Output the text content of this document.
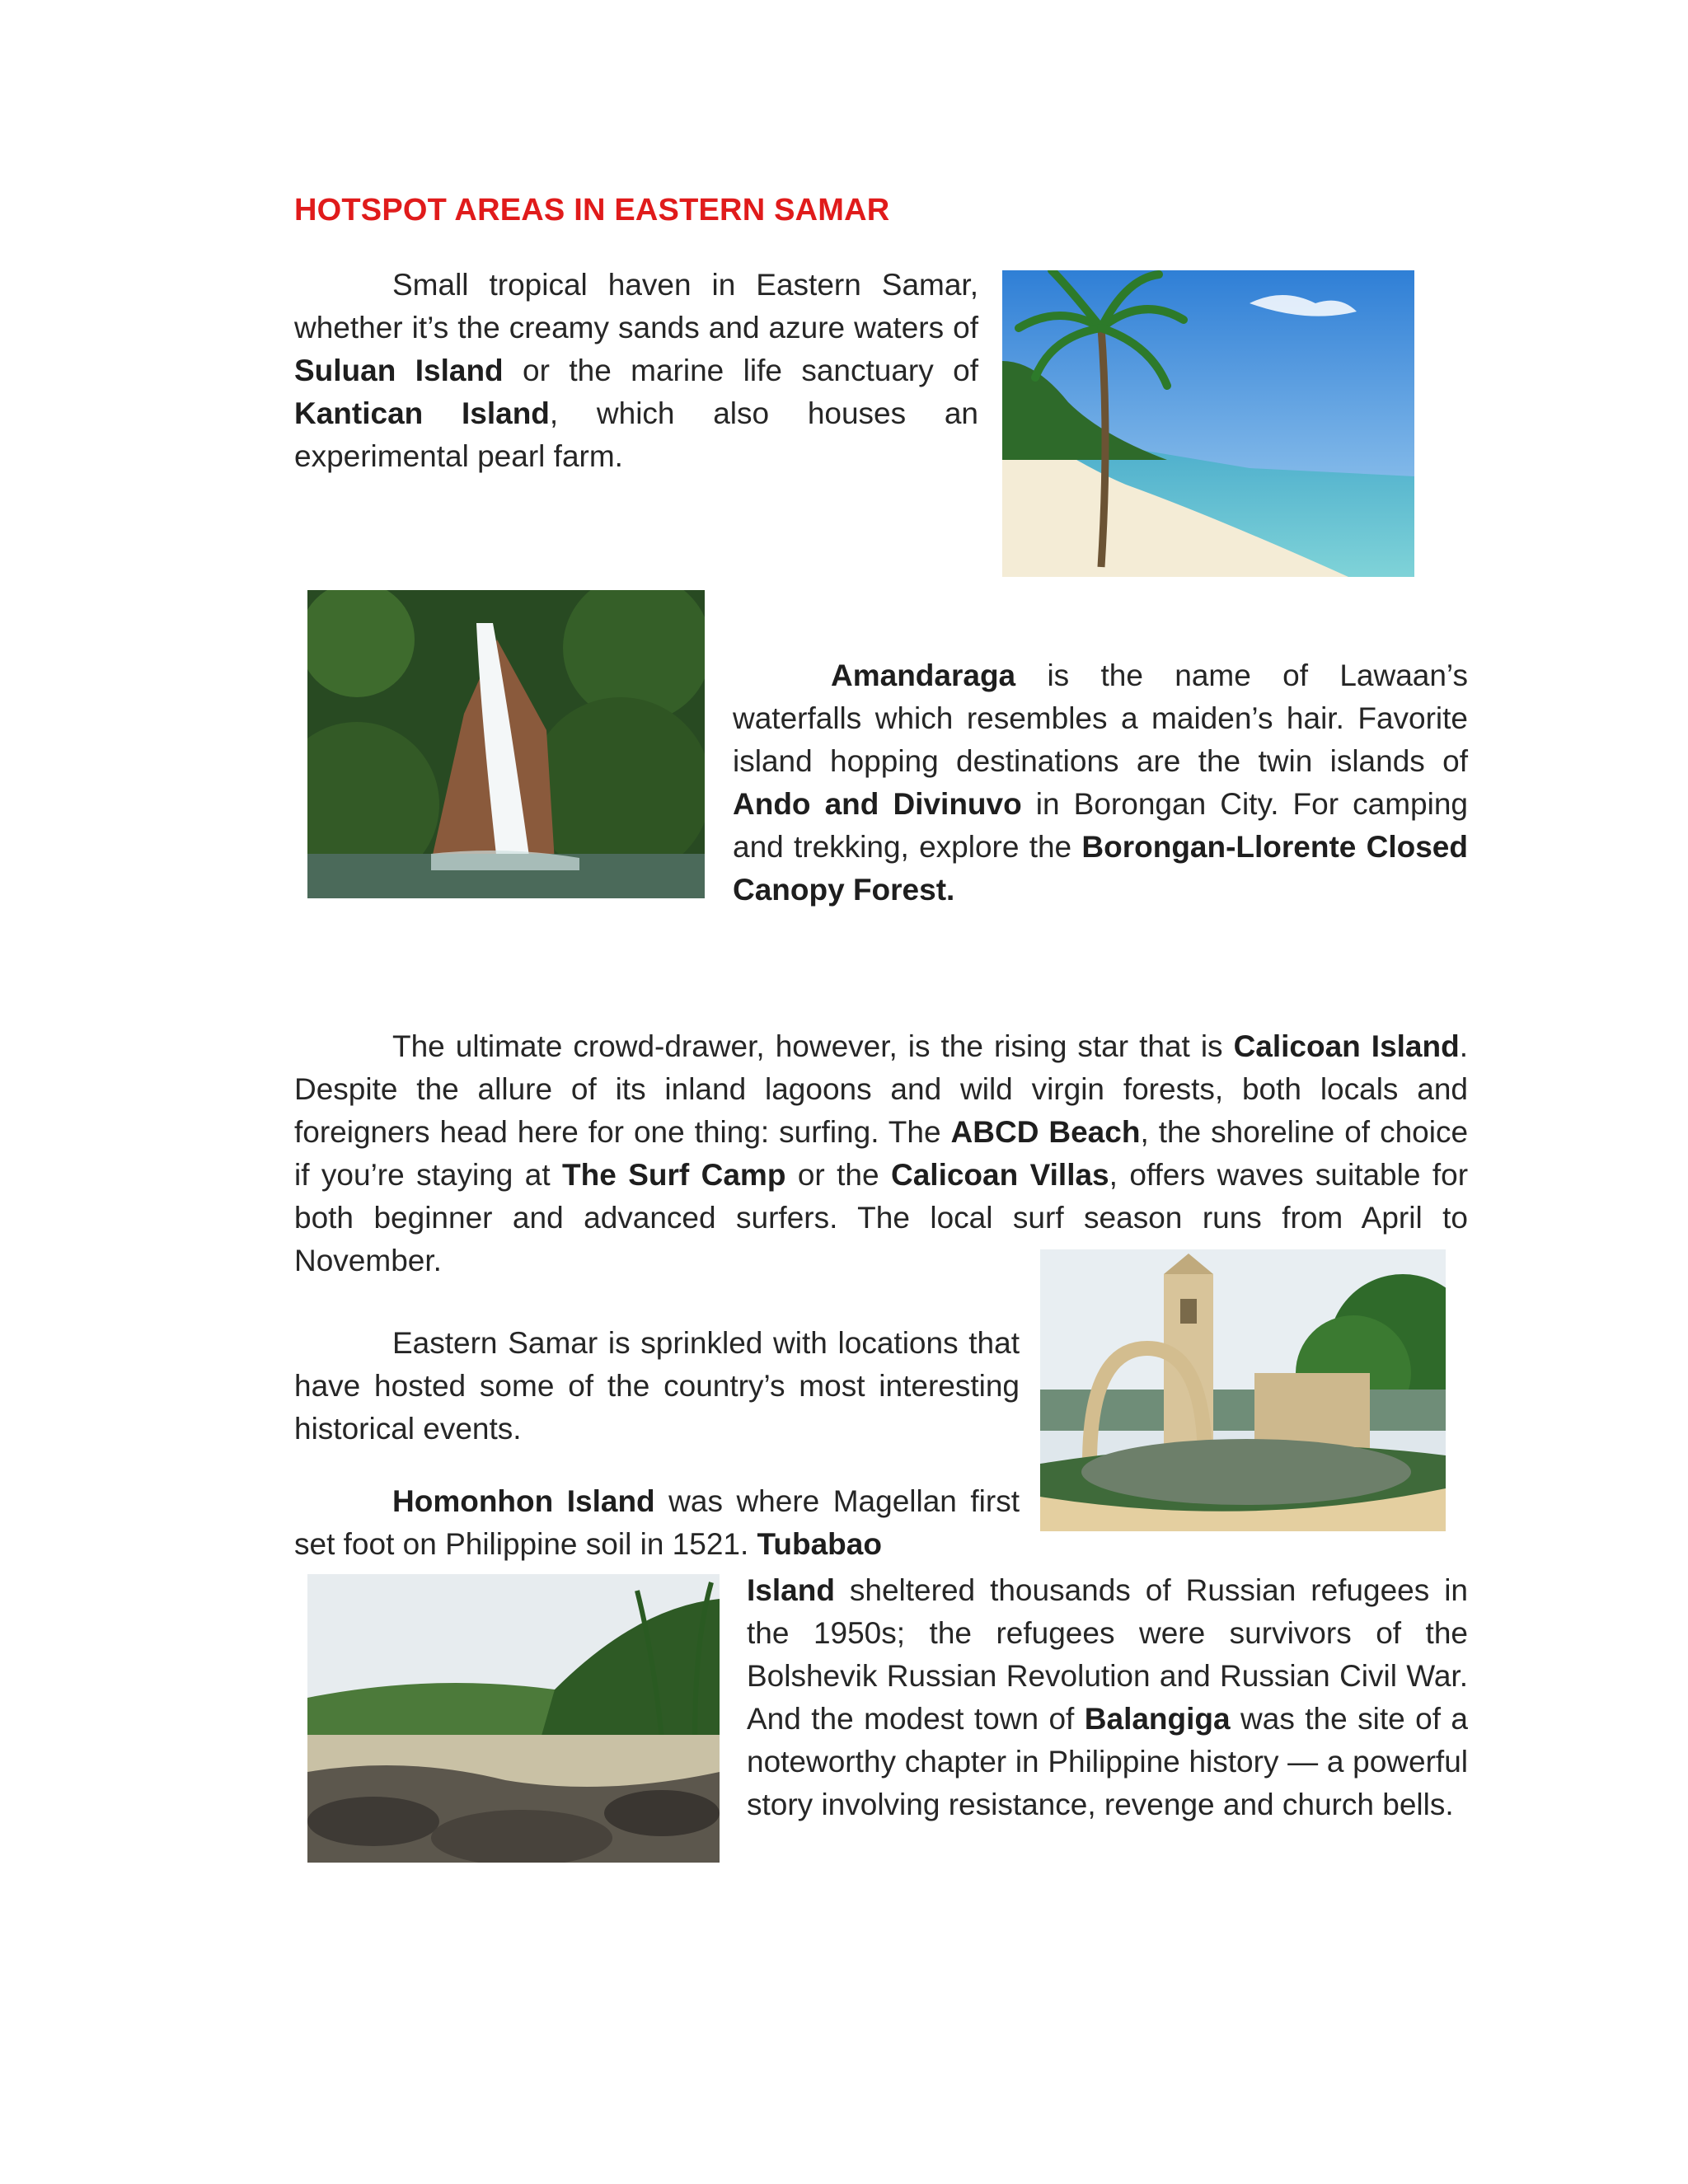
HOTSPOT AREAS IN EASTERN SAMAR

Small tropical haven in Eastern Samar, whether it’s the creamy sands and azure waters of Suluan Island or the marine life sanctuary of Kantican Island, which also houses an experimental pearl farm.

Amandaraga is the name of Lawaan’s waterfalls which resembles a maiden’s hair. Favorite island hopping destinations are the twin islands of Ando and Divinuvo in Borongan City. For camping and trekking, explore the Borongan-Llorente Closed Canopy Forest.

The ultimate crowd-drawer, however, is the rising star that is Calicoan Island. Despite the allure of its inland lagoons and wild virgin forests, both locals and foreigners head here for one thing: surfing. The ABCD Beach, the shoreline of choice if you’re staying at The Surf Camp or the Calicoan Villas, offers waves suitable for both beginner and advanced surfers. The local surf season runs from April to November.

Eastern Samar is sprinkled with locations that have hosted some of the country’s most interesting historical events.

Homonhon Island was where Magellan first set foot on Philippine soil in 1521. Tubabao

Island sheltered thousands of Russian refugees in the 1950s; the refugees were survivors of the Bolshevik Russian Revolution and Russian Civil War. And the modest town of Balangiga was the site of a noteworthy chapter in Philippine history — a powerful story involving resistance, revenge and church bells.
